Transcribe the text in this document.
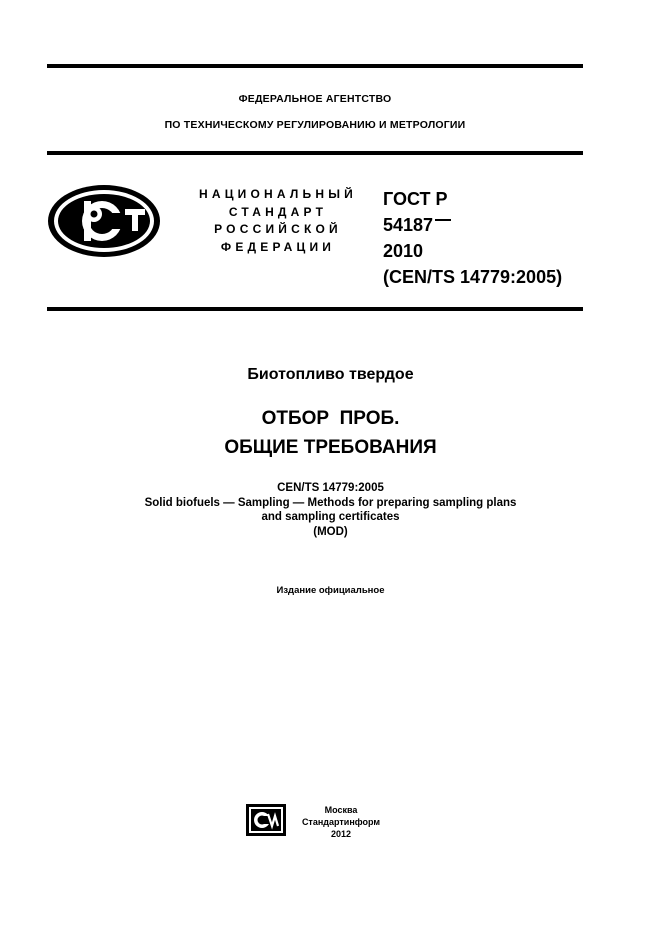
ФЕДЕРАЛЬНОЕ АГЕНТСТВО
ПО ТЕХНИЧЕСКОМУ РЕГУЛИРОВАНИЮ И МЕТРОЛОГИИ
НАЦИОНАЛЬНЫЙ
СТАНДАРТ
РОССИЙСКОЙ
ФЕДЕРАЦИИ
ГОСТ Р
54187
2010
(CEN/TS 14779:2005)
Биотопливо твердое
ОТБОР  ПРОБ.
ОБЩИЕ ТРЕБОВАНИЯ
CEN/TS 14779:2005
Solid biofuels — Sampling — Methods for preparing sampling plans
and sampling certificates
(MOD)
Издание официальное
Москва
Стандартинформ
2012
